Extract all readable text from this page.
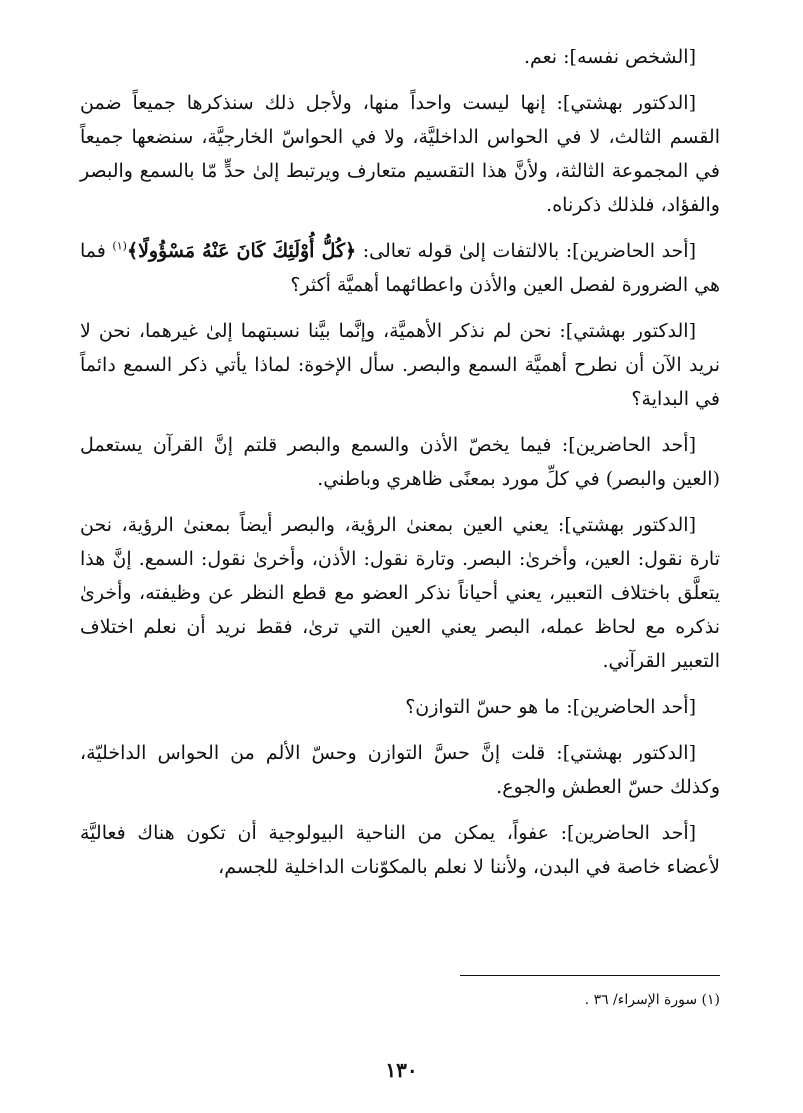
[الشخص نفسه]: نعم.

[الدكتور بهشتي]: إنها ليست واحداً منها، ولأجل ذلك سنذكرها جميعاً ضمن القسم الثالث، لا في الحواس الداخليَّة، ولا في الحواسّ الخارجيَّة، سنضعها جميعاً في المجموعة الثالثة، ولأنَّ هذا التقسيم متعارف ويرتبط إلىٰ حدٍّ مّا بالسمع والبصر والفؤاد، فلذلك ذكرناه.

[أحد الحاضرين]: بالالتفات إلىٰ قوله تعالى: ﴿كُلُّ أُوْلَئِكَ كَانَ عَنْهُ مَسْؤُولًا﴾$^{(١)}$ فما هي الضرورة لفصل العين والأذن واعطائهما أهميَّة أكثر؟

[الدكتور بهشتي]: نحن لم نذكر الأهميَّة، وإنَّما بيَّنا نسبتهما إلىٰ غيرهما، نحن لا نريد الآن أن نطرح أهميَّة السمع والبصر. سأل الإخوة: لماذا يأتي ذكر السمع دائماً في البداية؟

[أحد الحاضرين]: فيما يخصّ الأذن والسمع والبصر قلتم إنَّ القرآن يستعمل (العين والبصر) في كلِّ مورد بمعنًى ظاهري وباطني.

[الدكتور بهشتي]: يعني العين بمعنىٰ الرؤية، والبصر أيضاً بمعنىٰ الرؤية، نحن تارة نقول: العين، وأخرىٰ: البصر. وتارة نقول: الأذن، وأخرىٰ نقول: السمع. إنَّ هذا يتعلَّق باختلاف التعبير، يعني أحياناً نذكر العضو مع قطع النظر عن وظيفته، وأخرىٰ نذكره مع لحاظ عمله، البصر يعني العين التي ترىٰ، فقط نريد أن نعلم اختلاف التعبير القرآني.

[أحد الحاضرين]: ما هو حسّ التوازن؟

[الدكتور بهشتي]: قلت إنَّ حسَّ التوازن وحسّ الألم من الحواس الداخليّة، وكذلك حسّ العطش والجوع.

[أحد الحاضرين]: عفواً، يمكن من الناحية البيولوجية أن تكون هناك فعاليَّة لأعضاء خاصة في البدن، ولأننا لا نعلم بالمكوّنات الداخلية للجسم،

(١) سورة الإسراء/ ٣٦ .
١٣٠
